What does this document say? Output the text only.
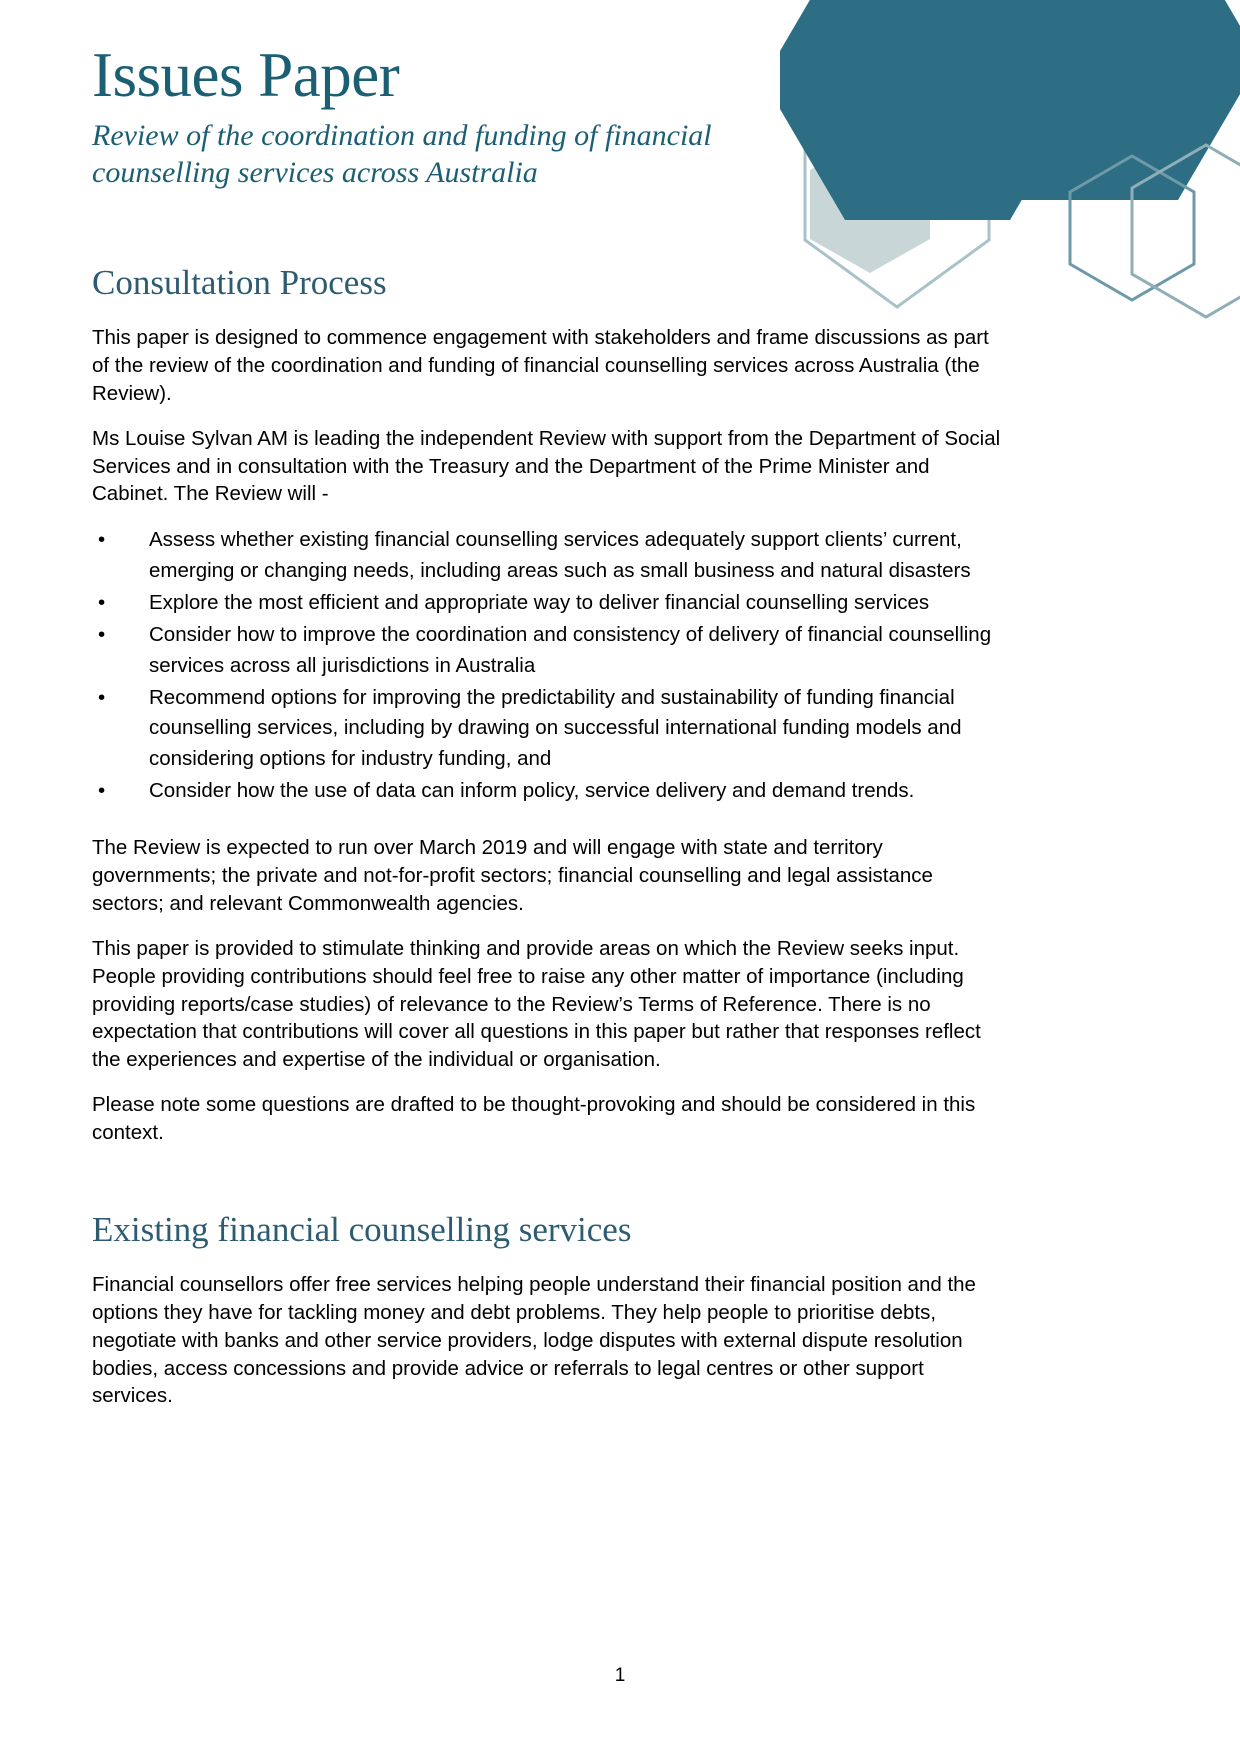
Issues Paper
Review of the coordination and funding of financial counselling services across Australia
Consultation Process

This paper is designed to commence engagement with stakeholders and frame discussions as part of the review of the coordination and funding of financial counselling services across Australia (the Review).

Ms Louise Sylvan AM is leading the independent Review with support from the Department of Social Services and in consultation with the Treasury and the Department of the Prime Minister and Cabinet. The Review will -

• Assess whether existing financial counselling services adequately support clients’ current, emerging or changing needs, including areas such as small business and natural disasters
• Explore the most efficient and appropriate way to deliver financial counselling services
• Consider how to improve the coordination and consistency of delivery of financial counselling services across all jurisdictions in Australia
• Recommend options for improving the predictability and sustainability of funding financial counselling services, including by drawing on successful international funding models and considering options for industry funding, and
• Consider how the use of data can inform policy, service delivery and demand trends.

The Review is expected to run over March 2019 and will engage with state and territory governments; the private and not-for-profit sectors; financial counselling and legal assistance sectors; and relevant Commonwealth agencies.

This paper is provided to stimulate thinking and provide areas on which the Review seeks input. People providing contributions should feel free to raise any other matter of importance (including providing reports/case studies) of relevance to the Review’s Terms of Reference. There is no expectation that contributions will cover all questions in this paper but rather that responses reflect the experiences and expertise of the individual or organisation.

Please note some questions are drafted to be thought-provoking and should be considered in this context.

Existing financial counselling services

Financial counsellors offer free services helping people understand their financial position and the options they have for tackling money and debt problems. They help people to prioritise debts, negotiate with banks and other service providers, lodge disputes with external dispute resolution bodies, access concessions and provide advice or referrals to legal centres or other support services.

1
